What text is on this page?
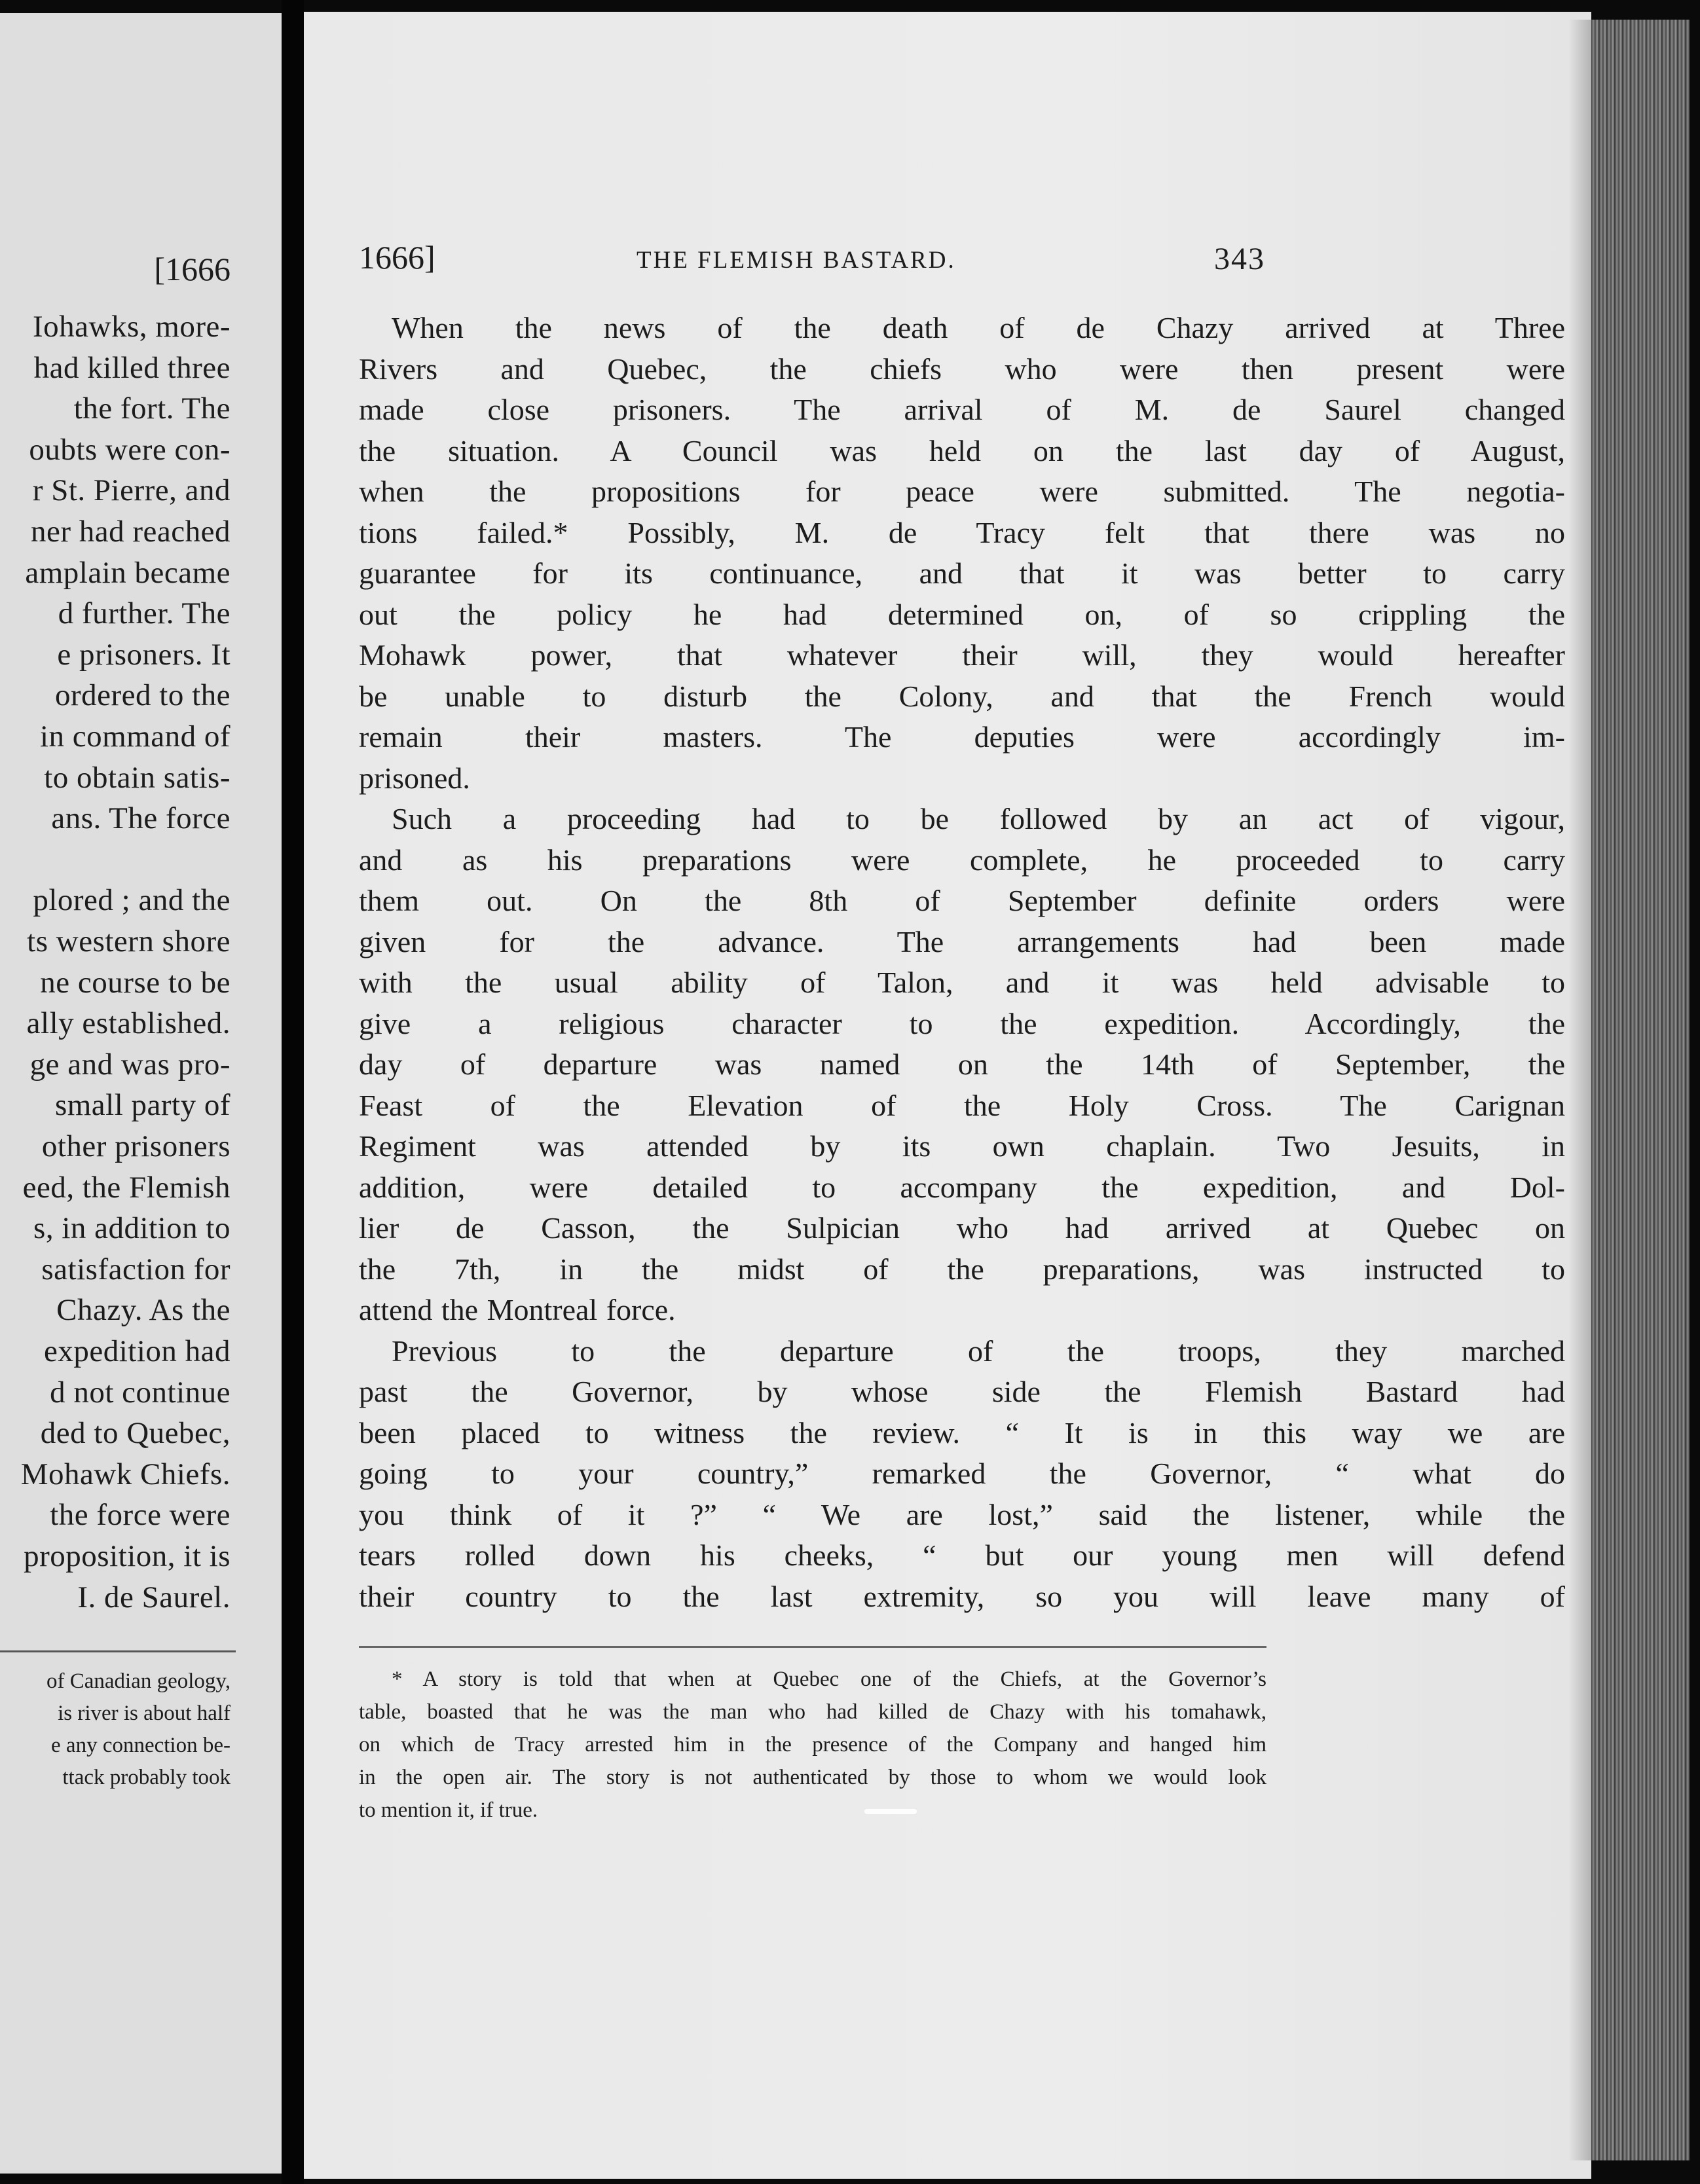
[1666
Iohawks, more-
had killed three
the fort. The
oubts were con-
r St. Pierre, and
ner had reached
amplain became
d further. The
e prisoners. It
ordered to the
in command of
to obtain satis-
ans. The force
plored ; and the
ts western shore
ne course to be
ally established.
ge and was pro-
small party of
other prisoners
eed, the Flemish
s, in addition to
satisfaction for
Chazy. As the
expedition had
d not continue
ded to Quebec,
Mohawk Chiefs.
the force were
proposition, it is
I. de Saurel.
of Canadian geology,
is river is about half
e any connection be-
ttack probably took
1666]	THE FLEMISH BASTARD.	343
When the news of the death of de Chazy arrived at Three
Rivers and Quebec, the chiefs who were then present were
made close prisoners. The arrival of M. de Saurel changed
the situation. A Council was held on the last day of August,
when the propositions for peace were submitted. The negotia-
tions failed.* Possibly, M. de Tracy felt that there was no
guarantee for its continuance, and that it was better to carry
out the policy he had determined on, of so crippling the
Mohawk power, that whatever their will, they would hereafter
be unable to disturb the Colony, and that the French would
remain their masters. The deputies were accordingly im-
prisoned.
Such a proceeding had to be followed by an act of vigour,
and as his preparations were complete, he proceeded to carry
them out. On the 8th of September definite orders were
given for the advance. The arrangements had been made
with the usual ability of Talon, and it was held advisable to
give a religious character to the expedition. Accordingly, the
day of departure was named on the 14th of September, the
Feast of the Elevation of the Holy Cross. The Carignan
Regiment was attended by its own chaplain. Two Jesuits, in
addition, were detailed to accompany the expedition, and Dol-
lier de Casson, the Sulpician who had arrived at Quebec on
the 7th, in the midst of the preparations, was instructed to
attend the Montreal force.
Previous to the departure of the troops, they marched
past the Governor, by whose side the Flemish Bastard had
been placed to witness the review. “ It is in this way we are
going to your country,” remarked the Governor, “ what do
you think of it ?” “ We are lost,” said the listener, while the
tears rolled down his cheeks, “ but our young men will defend
their country to the last extremity, so you will leave many of
* A story is told that when at Quebec one of the Chiefs, at the Governor’s
table, boasted that he was the man who had killed de Chazy with his tomahawk,
on which de Tracy arrested him in the presence of the Company and hanged him
in the open air. The story is not authenticated by those to whom we would look
to mention it, if true.
